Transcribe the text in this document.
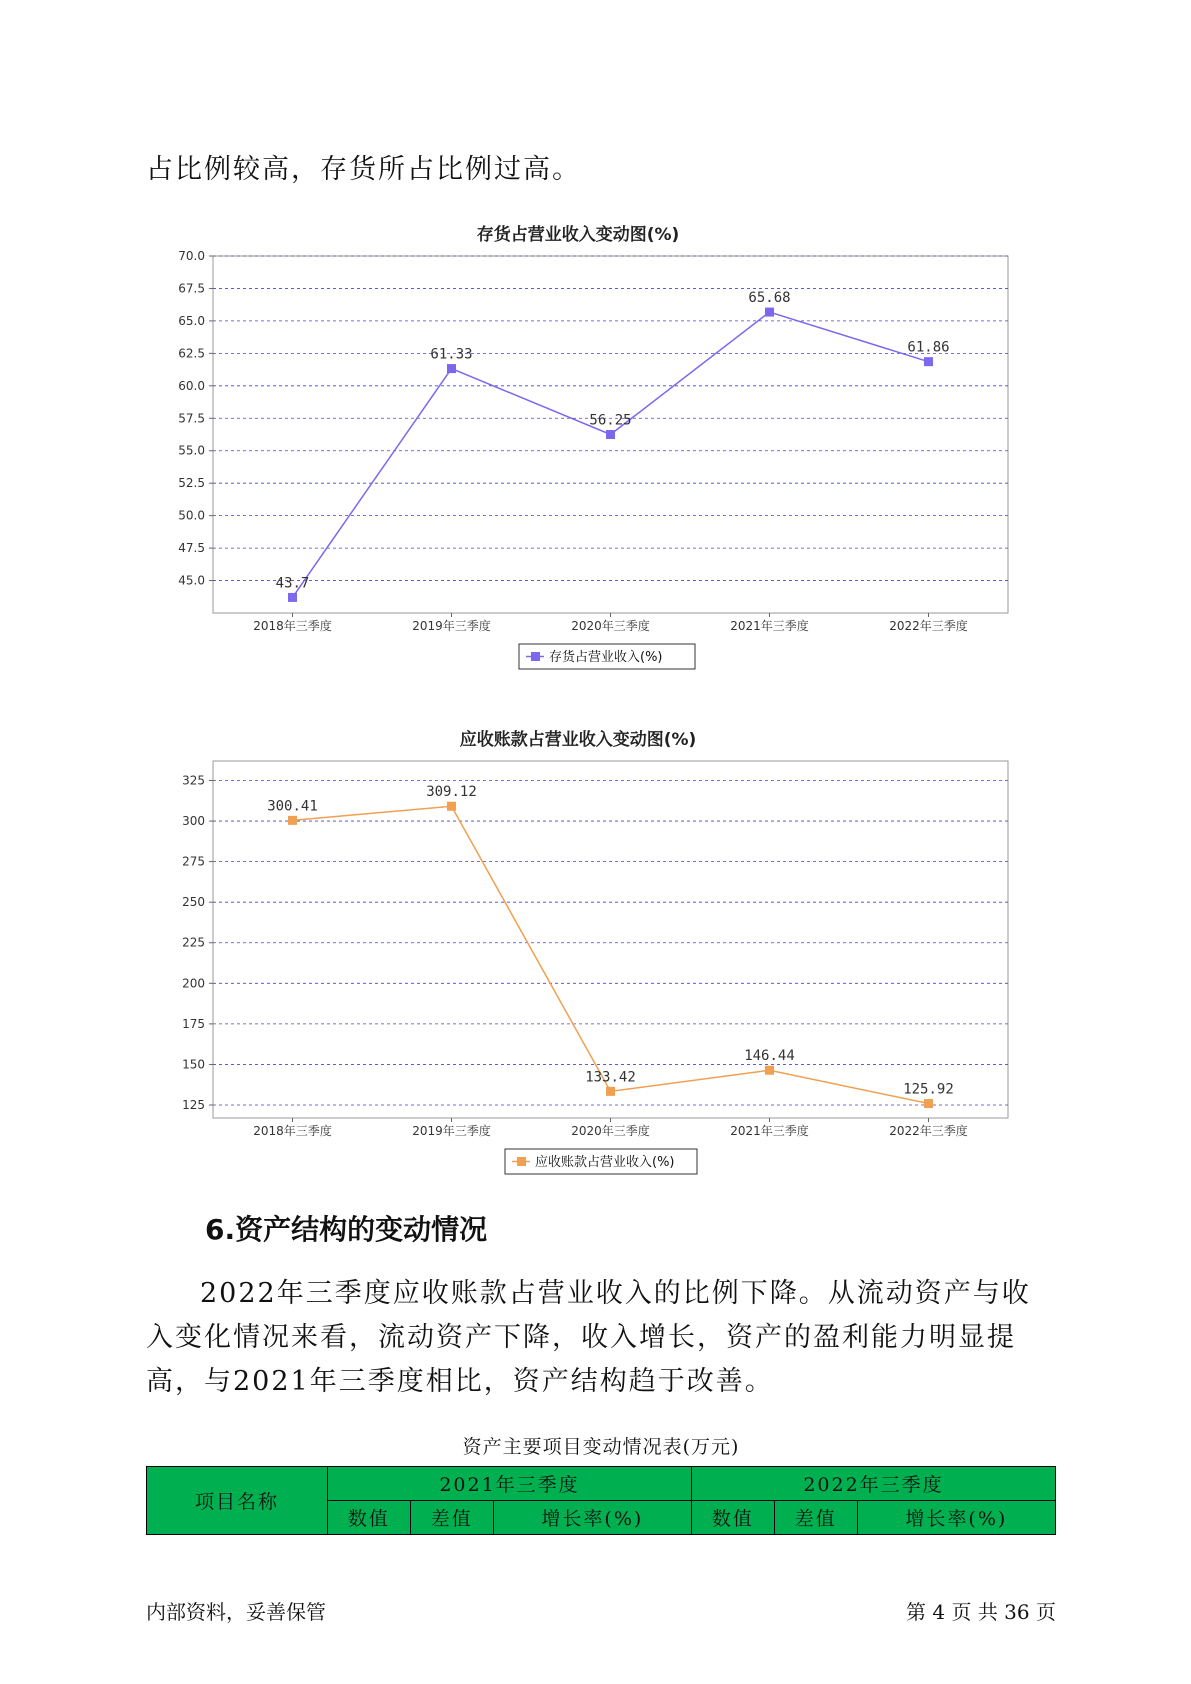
占比例较高，存货所占比例过高。

存货占营业收入变动图(%)
70.0
67.5
65.0
62.5
60.0
57.5
55.0
52.5
50.0
47.5
45.0
2018年三季度	2019年三季度	2020年三季度	2021年三季度	2022年三季度
43.7
61.33
56.25
65.68
61.86
存货占营业收入(%)
应收账款占营业收入变动图(%)
325
300
275
250
225
200
175
150
125
2018年三季度	2019年三季度	2020年三季度	2021年三季度	2022年三季度
300.41
309.12
133.42
146.44
125.92
应收账款占营业收入(%)
6.资产结构的变动情况

2022年三季度应收账款占营业收入的比例下降。从流动资产与收入变化情况来看，流动资产下降，收入增长，资产的盈利能力明显提高，与2021年三季度相比，资产结构趋于改善。

资产主要项目变动情况表(万元)
项目名称	2021年三季度			2022年三季度		
	数值	差值	增长率(%)	数值	差值	增长率(%)
内部资料，妥善保管	第 4 页 共 36 页
